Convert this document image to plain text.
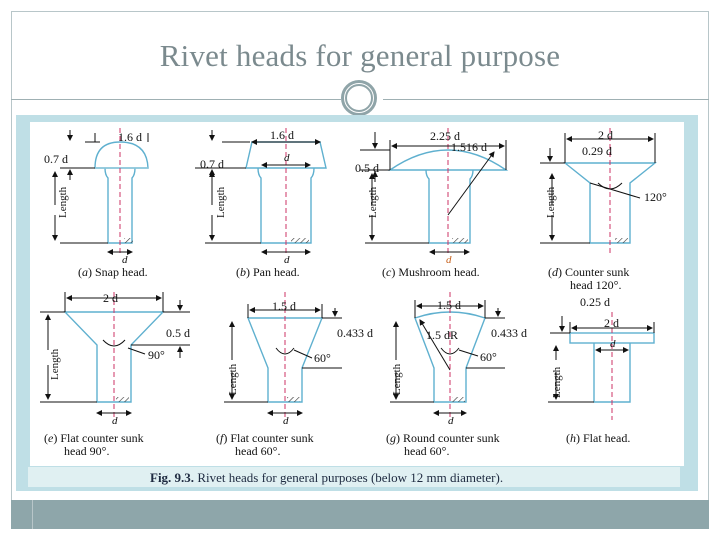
Rivet heads for general purpose
1.6 d
0.7 d
Length
d
(a) Snap head.
1.6 d
0.7 d
Length
d
d
(b) Pan head.
2.25 d
1.516 d
0.5 d
Length
d
(c) Mushroom head.
2 d
0.29 d
120°
Length
(d) Counter sunk
head 120°.
2 d
0.5 d
90°
Length
d
(e) Flat counter sunk
head 90°.
1.5 d
0.433 d
60°
Length
d
(f) Flat counter sunk
head 60°.
1.5 d
1.5 dR	0.433 d
60°
Length
d
(g) Round counter sunk
head 60°.
0.25 d
2 d
Length
d
(h) Flat head.
Fig. 9.3. Rivet heads for general purposes (below 12 mm diameter).
